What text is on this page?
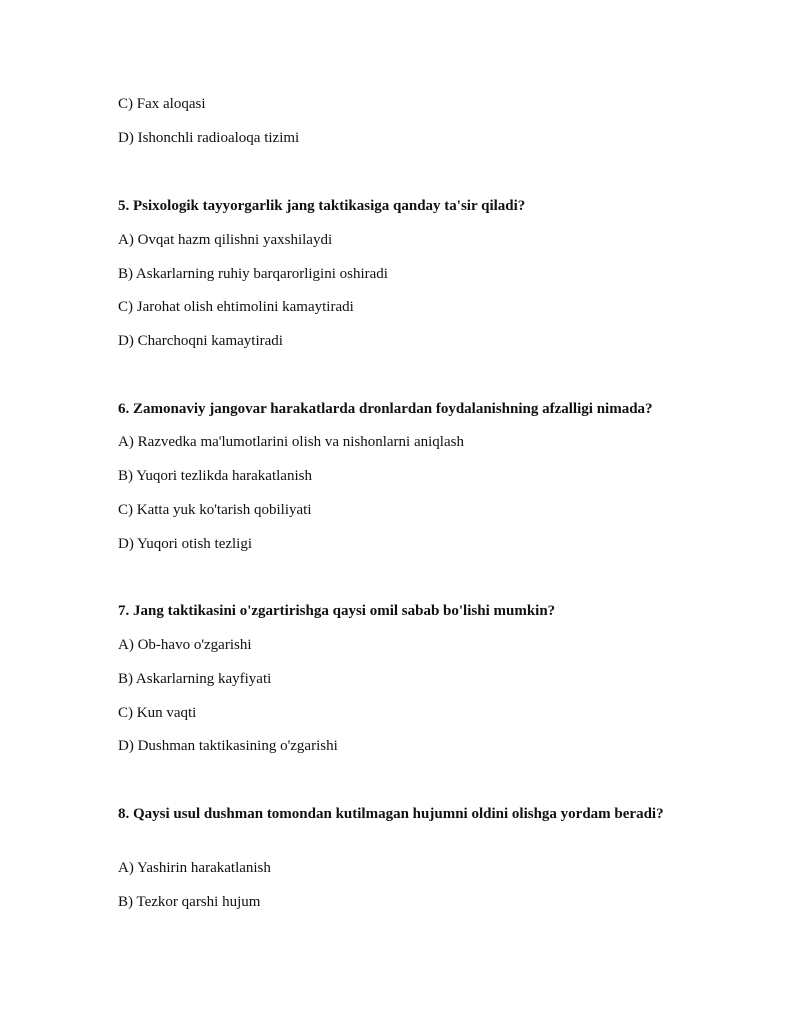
C) Fax aloqasi
D) Ishonchli radioaloqa tizimi
5. Psixologik tayyorgarlik jang taktikasiga qanday ta'sir qiladi?
A) Ovqat hazm qilishni yaxshilaydi
B) Askarlarning ruhiy barqarorligini oshiradi
C) Jarohat olish ehtimolini kamaytiradi
D) Charchoqni kamaytiradi
6. Zamonaviy jangovar harakatlarda dronlardan foydalanishning afzalligi nimada?
A) Razvedka ma'lumotlarini olish va nishonlarni aniqlash
B) Yuqori tezlikda harakatlanish
C) Katta yuk ko'tarish qobiliyati
D) Yuqori otish tezligi
7. Jang taktikasini o'zgartirishga qaysi omil sabab bo'lishi mumkin?
A) Ob-havo o'zgarishi
B) Askarlarning kayfiyati
C) Kun vaqti
D) Dushman taktikasining o'zgarishi
8. Qaysi usul dushman tomondan kutilmagan hujumni oldini olishga yordam beradi?
A) Yashirin harakatlanish
B) Tezkor qarshi hujum
